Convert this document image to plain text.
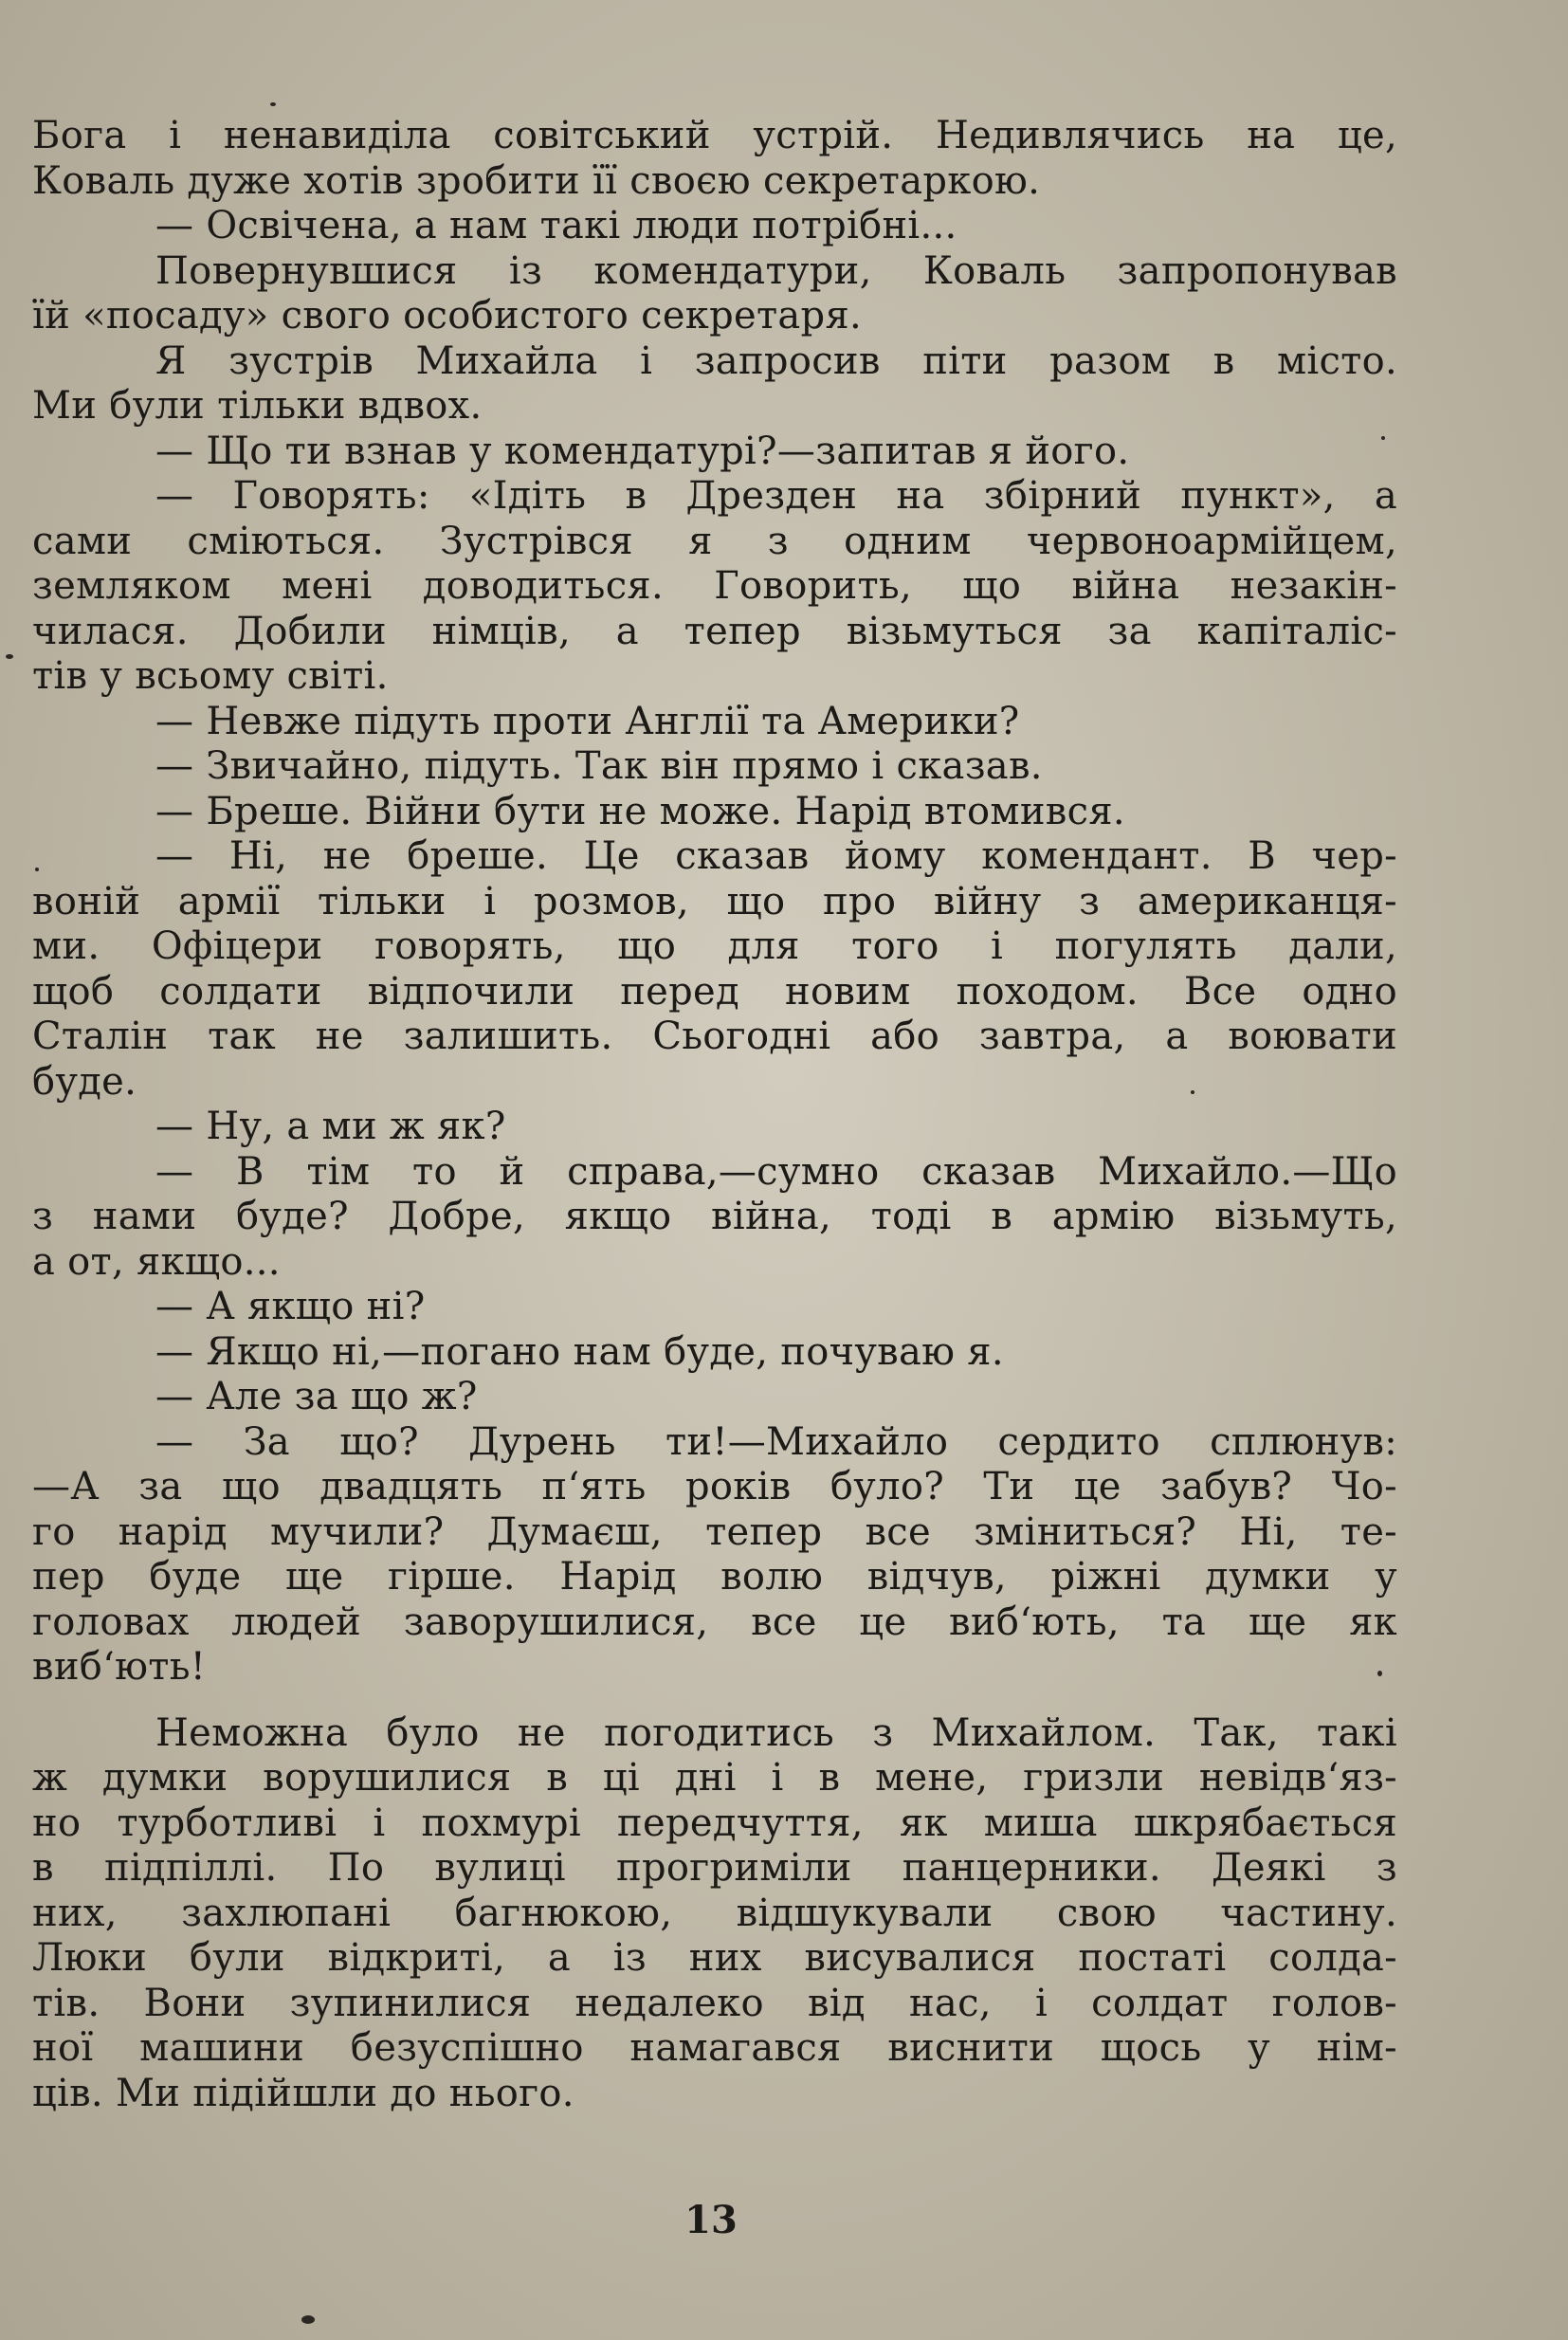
Бога і ненавиділа совітський устрій. Недивлячись на це,
Коваль дуже хотів зробити її своєю секретаркою.
— Освічена, а нам такі люди потрібні...
Повернувшися із комендатури, Коваль запропонував
їй «посаду» свого особистого секретаря.
Я зустрів Михайла і запросив піти разом в місто.
Ми були тільки вдвох.
— Що ти взнав у комендатурі?—запитав я його.
— Говорять: «Ідіть в Дрезден на збірний пункт», а
сами сміються. Зустрівся я з одним червоноармійцем,
земляком мені доводиться. Говорить, що війна незакін-
чилася. Добили німців, а тепер візьмуться за капіталіс-
тів у всьому світі.
— Невже підуть проти Англії та Америки?
— Звичайно, підуть. Так він прямо і сказав.
— Бреше. Війни бути не може. Нарід втомився.
— Ні, не бреше. Це сказав йому комендант. В чер-
воній армії тільки і розмов, що про війну з американця-
ми. Офіцери говорять, що для того і погулять дали,
щоб солдати відпочили перед новим походом. Все одно
Сталін так не залишить. Сьогодні або завтра, а воювати
буде.
— Ну, а ми ж як?
— В тім то й справа,—сумно сказав Михайло.—Що
з нами буде? Добре, якщо війна, тоді в армію візьмуть,
а от, якщо...
— А якщо ні?
— Якщо ні,—погано нам буде, почуваю я.
— Але за що ж?
— За що? Дурень ти!—Михайло сердито сплюнув:
—А за що двадцять п‘ять років було? Ти це забув? Чо-
го нарід мучили? Думаєш, тепер все зміниться? Ні, те-
пер буде ще гірше. Нарід волю відчув, ріжні думки у
головах людей заворушилися, все це виб‘ють, та ще як
виб‘ють!
Неможна було не погодитись з Михайлом. Так, такі
ж думки ворушилися в ці дні і в мене, гризли невідв‘яз-
но турботливі і похмурі передчуття, як миша шкрябається
в підпіллі. По вулиці прогриміли панцерники. Деякі з
них, захлюпані багнюкою, відшукували свою частину.
Люки були відкриті, а із них висувалися постаті солда-
тів. Вони зупинилися недалеко від нас, і солдат голов-
ної машини безуспішно намагався виснити щось у нім-
ців. Ми підійшли до нього.
13
